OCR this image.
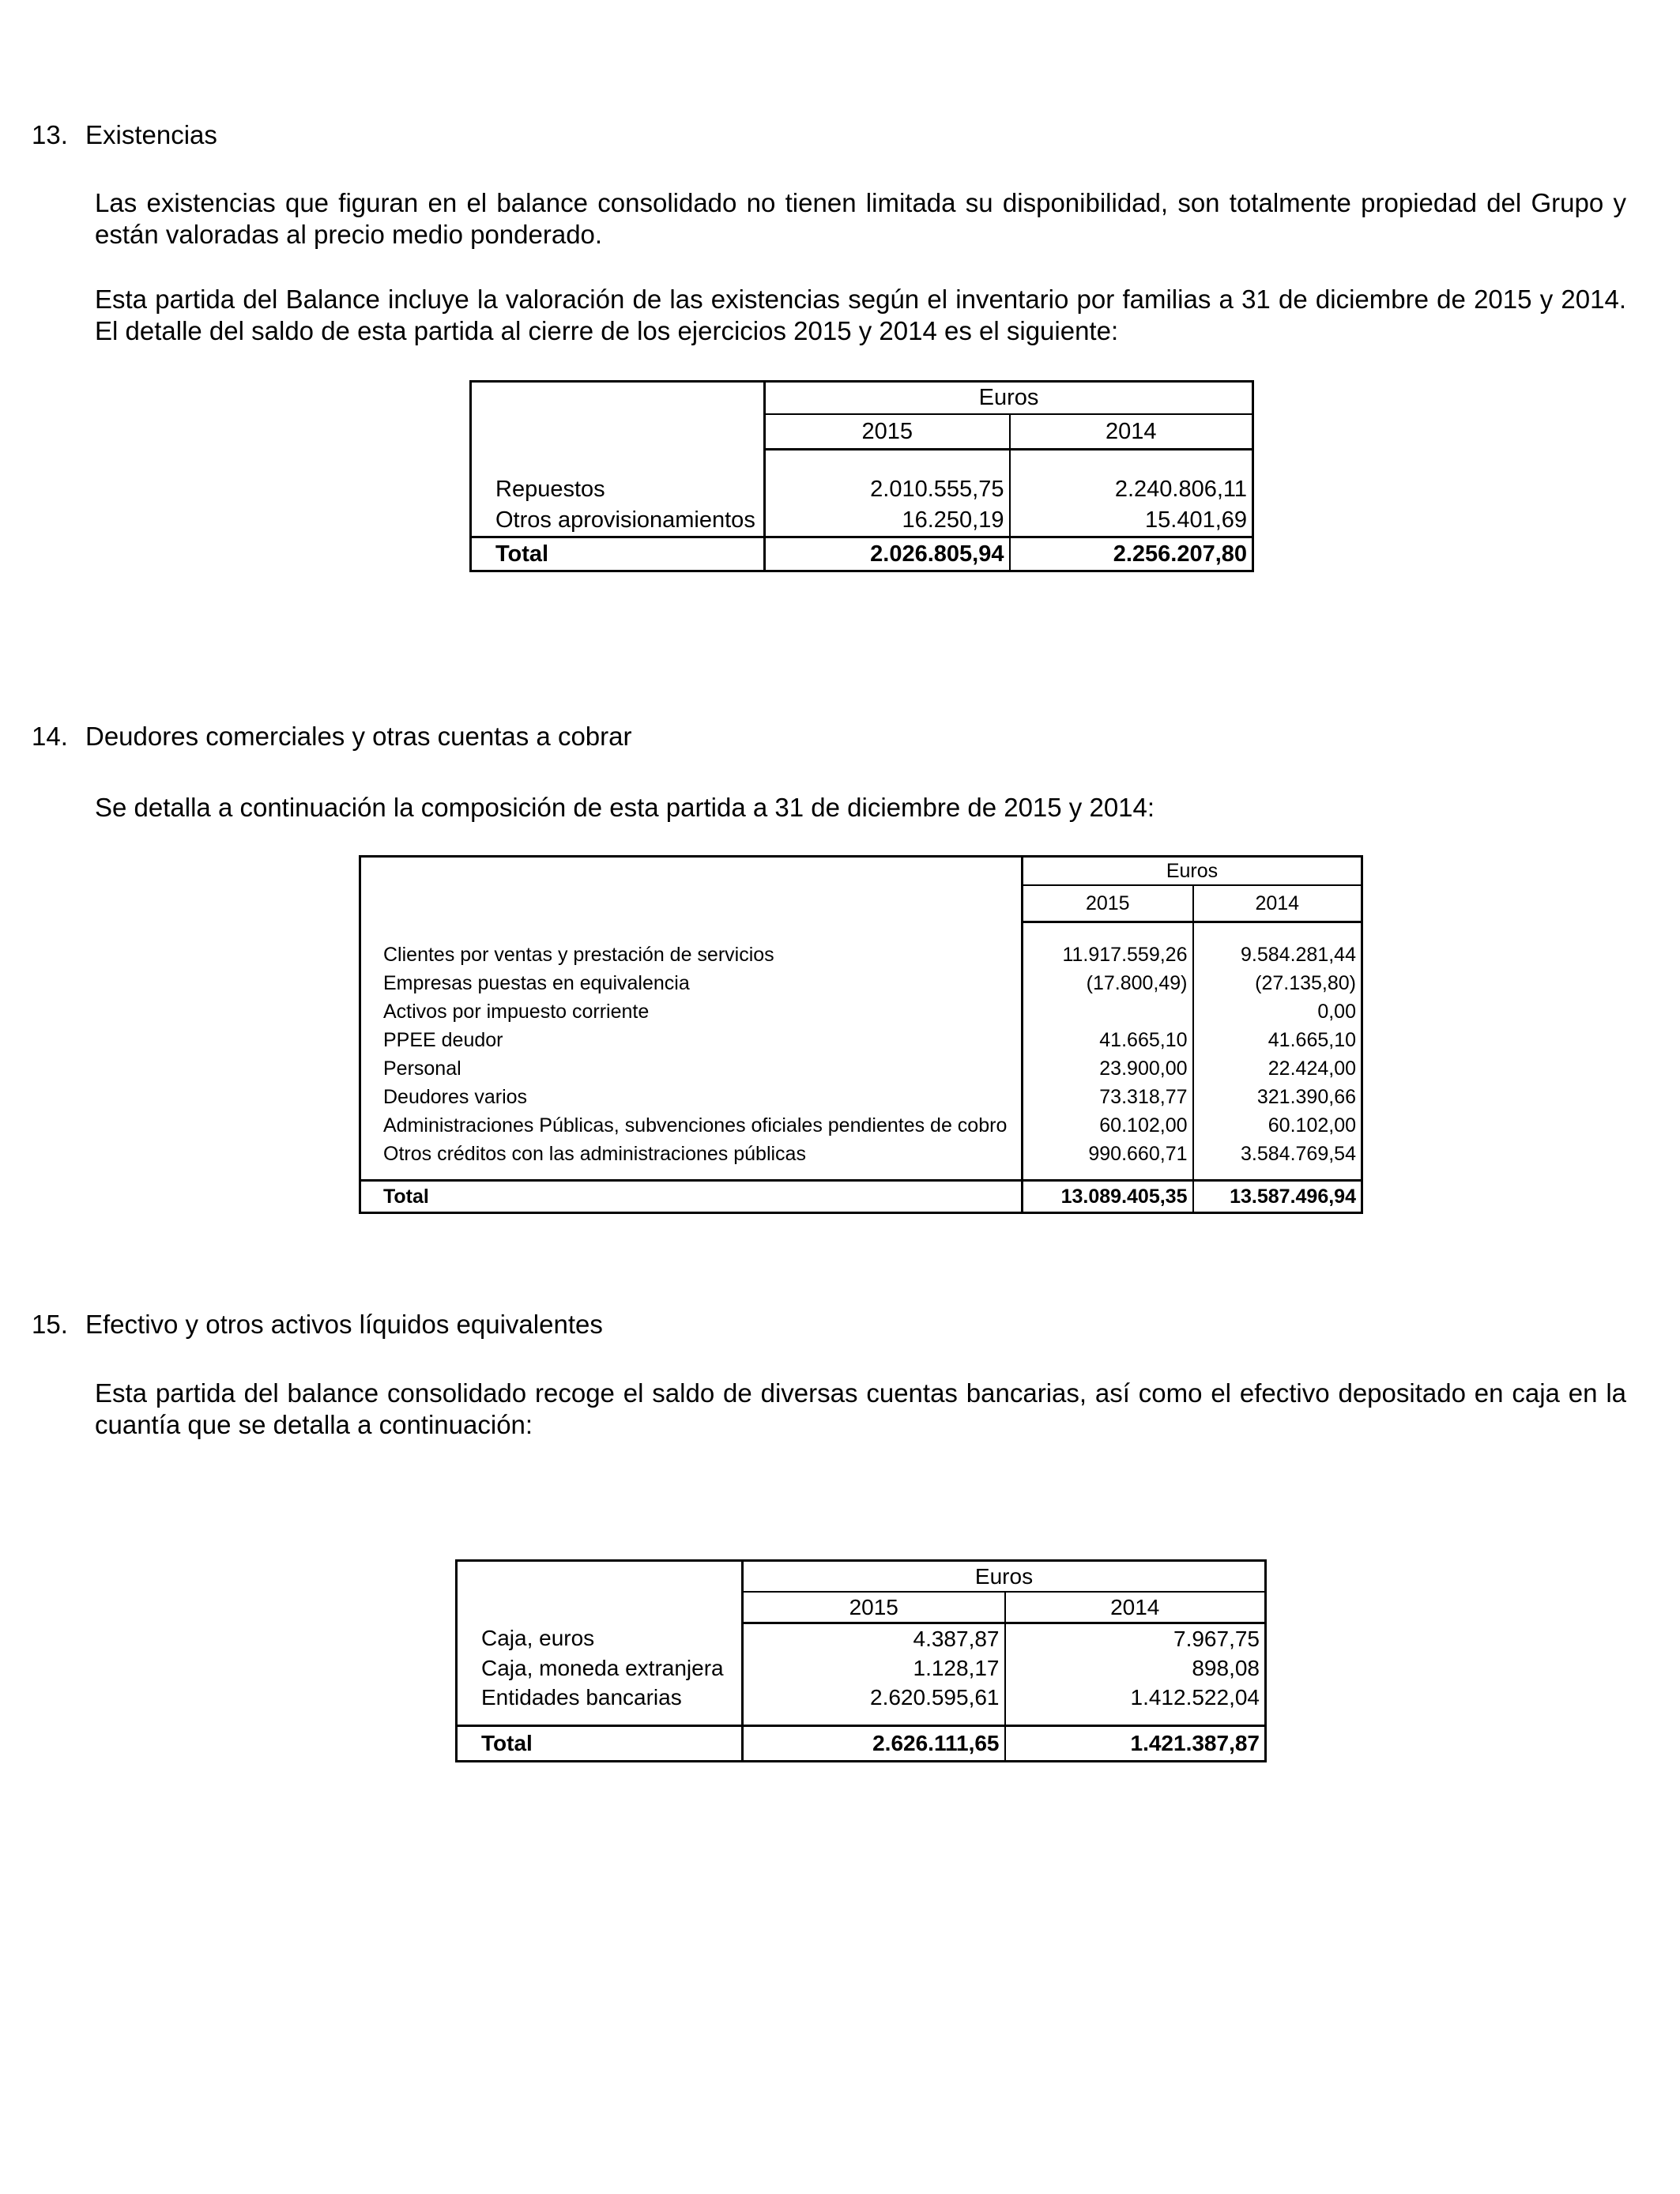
13. Existencias

Las existencias que figuran en el balance consolidado no tienen limitada su disponibilidad, son totalmente propiedad del Grupo y están valoradas al precio medio ponderado.

Esta partida del Balance incluye la valoración de las existencias según el inventario por familias a 31 de diciembre de 2015 y 2014. El detalle del saldo de esta partida al cierre de los ejercicios 2015 y 2014 es el siguiente:

	Euros	
	2015	2014

Repuestos	2.010.555,75	2.240.806,11
Otros aprovisionamientos	16.250,19	15.401,69
Total	2.026.805,94	2.256.207,80
14. Deudores comerciales y otras cuentas a cobrar

Se detalla a continuación la composición de esta partida a 31 de diciembre de 2015 y 2014:

	Euros	
	2015	2014

Clientes por ventas y prestación de servicios	11.917.559,26	9.584.281,44
Empresas puestas en equivalencia	(17.800,49)	(27.135,80)
Activos por impuesto corriente		0,00
PPEE deudor	41.665,10	41.665,10
Personal	23.900,00	22.424,00
Deudores varios	73.318,77	321.390,66
Administraciones Públicas, subvenciones oficiales pendientes de cobro	60.102,00	60.102,00
Otros créditos con las administraciones públicas	990.660,71	3.584.769,54

Total	13.089.405,35	13.587.496,94
15. Efectivo y otros activos líquidos equivalentes

Esta partida del balance consolidado recoge el saldo de diversas cuentas bancarias, así como el efectivo depositado en caja en la cuantía que se detalla a continuación:

	Euros	
	2015	2014
Caja, euros	4.387,87	7.967,75
Caja, moneda extranjera	1.128,17	898,08
Entidades bancarias	2.620.595,61	1.412.522,04

Total	2.626.111,65	1.421.387,87
